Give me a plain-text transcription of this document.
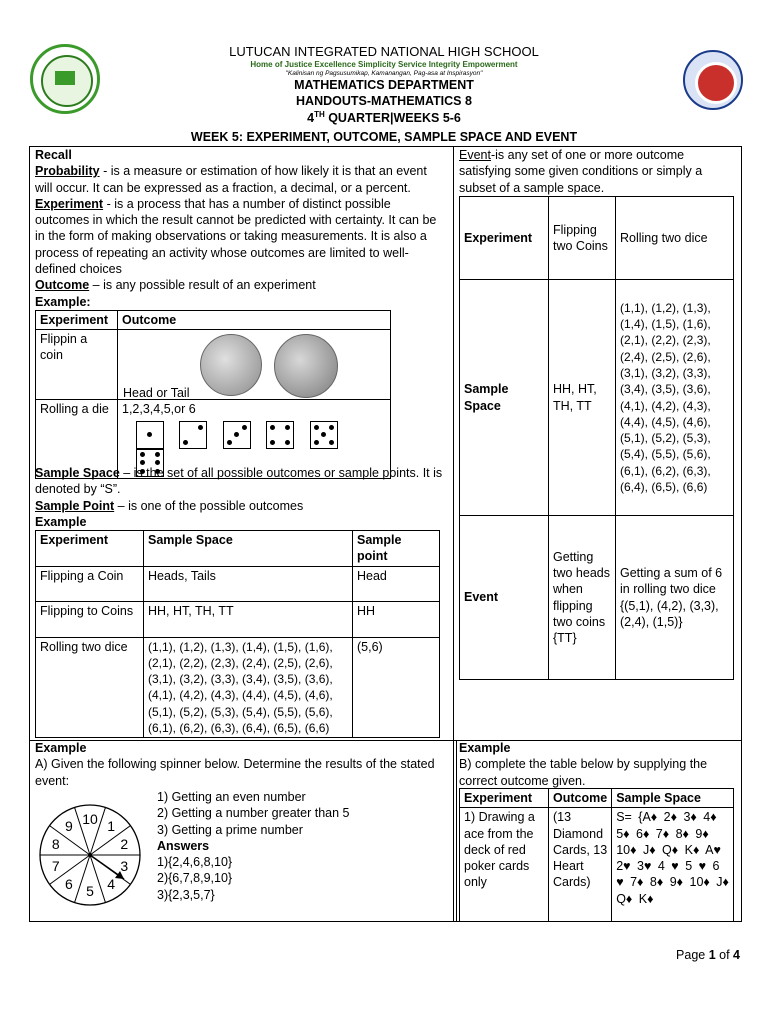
LUTUCAN INTEGRATED NATIONAL HIGH SCHOOL
Home of Justice Excellence Simplicity Service Integrity Empowerment
"Kalinisan ng Pagsusumikap, Kamanangan, Pag-asa at Inspirasyon"
MATHEMATICS DEPARTMENT
HANDOUTS-MATHEMATICS 8
4TH QUARTER|WEEKS 5-6
WEEK 5: EXPERIMENT, OUTCOME, SAMPLE SPACE AND EVENT
Recall
Probability - is a measure or estimation of how likely it is that an event will occur. It can be expressed as a fraction, a decimal, or a percent.
Experiment - is a process that has a number of distinct possible outcomes in which the result cannot be predicted with certainty. It can be in the form of making observations or taking measurements. It is also a process of repeating an activity whose outcomes are limited to well-defined choices
Outcome – is any possible result of an experiment
Example:
Experiment	Outcome
Flippin a coin	Head or Tail

Rolling a die	1,2,3,4,5,or 6

Sample Space – is the set of all possible outcomes or sample points. It is denoted by “S”.
Sample Point – is one of the possible outcomes
Example
Experiment	Sample Space	Sample point
Flipping a Coin	Heads, Tails	Head
Flipping to Coins	HH, HT, TH, TT	HH
Rolling two dice	(1,1), (1,2), (1,3), (1,4), (1,5), (1,6), (2,1), (2,2), (2,3), (2,4), (2,5), (2,6), (3,1), (3,2), (3,3), (3,4), (3,5), (3,6), (4,1), (4,2), (4,3), (4,4), (4,5), (4,6), (5,1), (5,2), (5,3), (5,4), (5,5), (5,6), (6,1), (6,2), (6,3), (6,4), (6,5), (6,6)	(5,6)
Event-is any set of one or more outcome satisfying some given conditions or simply a subset of a sample space.
Experiment	Flipping two Coins	Rolling two dice
Sample Space	HH, HT, TH, TT	(1,1), (1,2), (1,3), (1,4), (1,5), (1,6), (2,1), (2,2), (2,3), (2,4), (2,5), (2,6), (3,1), (3,2), (3,3), (3,4), (3,5), (3,6), (4,1), (4,2), (4,3), (4,4), (4,5), (4,6), (5,1), (5,2), (5,3), (5,4), (5,5), (5,6), (6,1), (6,2), (6,3), (6,4), (6,5), (6,6)
Event	Getting two heads when flipping two coins {TT}	Getting a sum of 6 in rolling two dice {(5,1), (4,2), (3,3), (2,4), (1,5)}
Example
A) Given the following spinner below. Determine the results of the stated event:
10 1
2
3
4
5
6
7
8
9
1) Getting an even number
2) Getting a number greater than 5
3) Getting a prime number
Answers
1){2,4,6,8,10}
2){6,7,8,9,10}
3){2,3,5,7}
Example
B) complete the table below by supplying the correct outcome given.
Experiment	Outcome	Sample Space
1) Drawing a ace from the deck of red poker cards only	(13 Diamond Cards, 13 Heart Cards)	S= {A♦ 2♦ 3♦ 4♦ 5♦ 6♦ 7♦ 8♦ 9♦ 10♦ J♦ Q♦ K♦ A♥ 2♥ 3♥ 4 ♥ 5 ♥ 6 ♥ 7♦ 8♦ 9♦ 10♦ J♦ Q♦ K♦
Page 1 of 4
